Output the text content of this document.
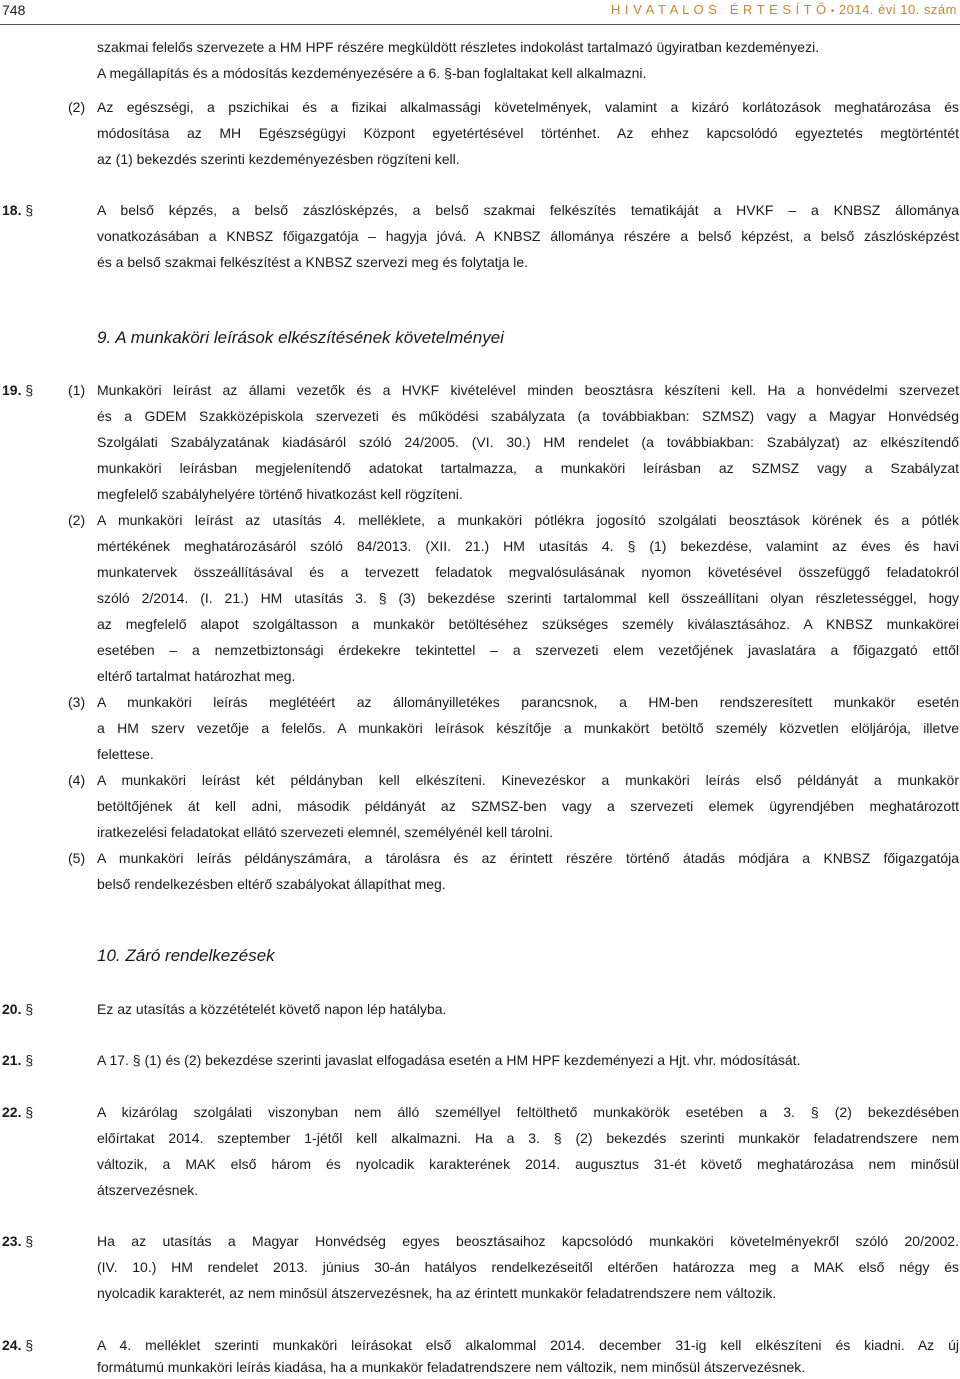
748	H I V A T A L O S   É R T E S Í T Ő • 2014. évi 10. szám
szakmai felelős szervezete a HM HPF részére megküldött részletes indokolást tartalmazó ügyiratban kezdeményezi.
A megállapítás és a módosítás kezdeményezésére a 6. §-ban foglaltakat kell alkalmazni.
(2) Az egészségi, a pszichikai és a fizikai alkalmassági követelmények, valamint a kizáró korlátozások meghatározása és
módosítása az MH Egészségügyi Központ egyetértésével történhet. Az ehhez kapcsolódó egyeztetés megtörténtét
az (1) bekezdés szerinti kezdeményezésben rögzíteni kell.
18. §	A belső képzés, a belső zászlósképzés, a belső szakmai felkészítés tematikáját a HVKF – a KNBSZ állománya
vonatkozásában a KNBSZ főigazgatója – hagyja jóvá. A KNBSZ állománya részére a belső képzést, a belső zászlósképzést
és a belső szakmai felkészítést a KNBSZ szervezi meg és folytatja le.
9. A munkaköri leírások elkészítésének követelményei
19. § (1) Munkaköri leírást az állami vezetők és a HVKF kivételével minden beosztásra készíteni kell. Ha a honvédelmi szervezet
és a GDEM Szakközépiskola szervezeti és működési szabályzata (a továbbiakban: SZMSZ) vagy a Magyar Honvédség
Szolgálati Szabályzatának kiadásáról szóló 24/2005. (VI. 30.) HM rendelet (a továbbiakban: Szabályzat) az elkészítendő
munkaköri leírásban megjelenítendő adatokat tartalmazza, a munkaköri leírásban az SZMSZ vagy a Szabályzat
megfelelő szabályhelyére történő hivatkozást kell rögzíteni.
(2) A munkaköri leírást az utasítás 4. melléklete, a munkaköri pótlékra jogosító szolgálati beosztások körének és a pótlék
mértékének meghatározásáról szóló 84/2013. (XII. 21.) HM utasítás 4. § (1) bekezdése, valamint az éves és havi
munkatervek összeállításával és a tervezett feladatok megvalósulásának nyomon követésével összefüggő feladatokról
szóló 2/2014. (I. 21.) HM utasítás 3. § (3) bekezdése szerinti tartalommal kell összeállítani olyan részletességgel, hogy
az megfelelő alapot szolgáltasson a munkakör betöltéséhez szükséges személy kiválasztásához. A KNBSZ munkakörei
esetében – a nemzetbiztonsági érdekekre tekintettel – a szervezeti elem vezetőjének javaslatára a főigazgató ettől
eltérő tartalmat határozhat meg.
(3) A munkaköri leírás meglétéért az állományilletékes parancsnok, a HM-ben rendszeresített munkakör esetén
a HM szerv vezetője a felelős. A munkaköri leírások készítője a munkakört betöltő személy közvetlen elöljárója, illetve
felettese.
(4) A munkaköri leírást két példányban kell elkészíteni. Kinevezéskor a munkaköri leírás első példányát a munkakör
betöltőjének át kell adni, második példányát az SZMSZ-ben vagy a szervezeti elemek ügyrendjében meghatározott
iratkezelési feladatokat ellátó szervezeti elemnél, személyénél kell tárolni.
(5) A munkaköri leírás példányszámára, a tárolásra és az érintett részére történő átadás módjára a KNBSZ főigazgatója
belső rendelkezésben eltérő szabályokat állapíthat meg.
10. Záró rendelkezések
20. §	Ez az utasítás a közzétételét követő napon lép hatályba.
21. §	A 17. § (1) és (2) bekezdése szerinti javaslat elfogadása esetén a HM HPF kezdeményezi a Hjt. vhr. módosítását.
22. §	A kizárólag szolgálati viszonyban nem álló személlyel feltölthető munkakörök esetében a 3. § (2) bekezdésében
előírtakat 2014. szeptember 1-jétől kell alkalmazni. Ha a 3. § (2) bekezdés szerinti munkakör feladatrendszere nem
változik, a MAK első három és nyolcadik karakterének 2014. augusztus 31-ét követő meghatározása nem minősül
átszervezésnek.
23. §	Ha az utasítás a Magyar Honvédség egyes beosztásaihoz kapcsolódó munkaköri követelményekről szóló 20/2002.
(IV. 10.) HM rendelet 2013. június 30-án hatályos rendelkezéseitől eltérően határozza meg a MAK első négy és
nyolcadik karakterét, az nem minősül átszervezésnek, ha az érintett munkakör feladatrendszere nem változik.
24. §	A 4. melléklet szerinti munkaköri leírásokat első alkalommal 2014. december 31-ig kell elkészíteni és kiadni. Az új
formátumú munkaköri leírás kiadása, ha a munkakör feladatrendszere nem változik, nem minősül átszervezésnek.
